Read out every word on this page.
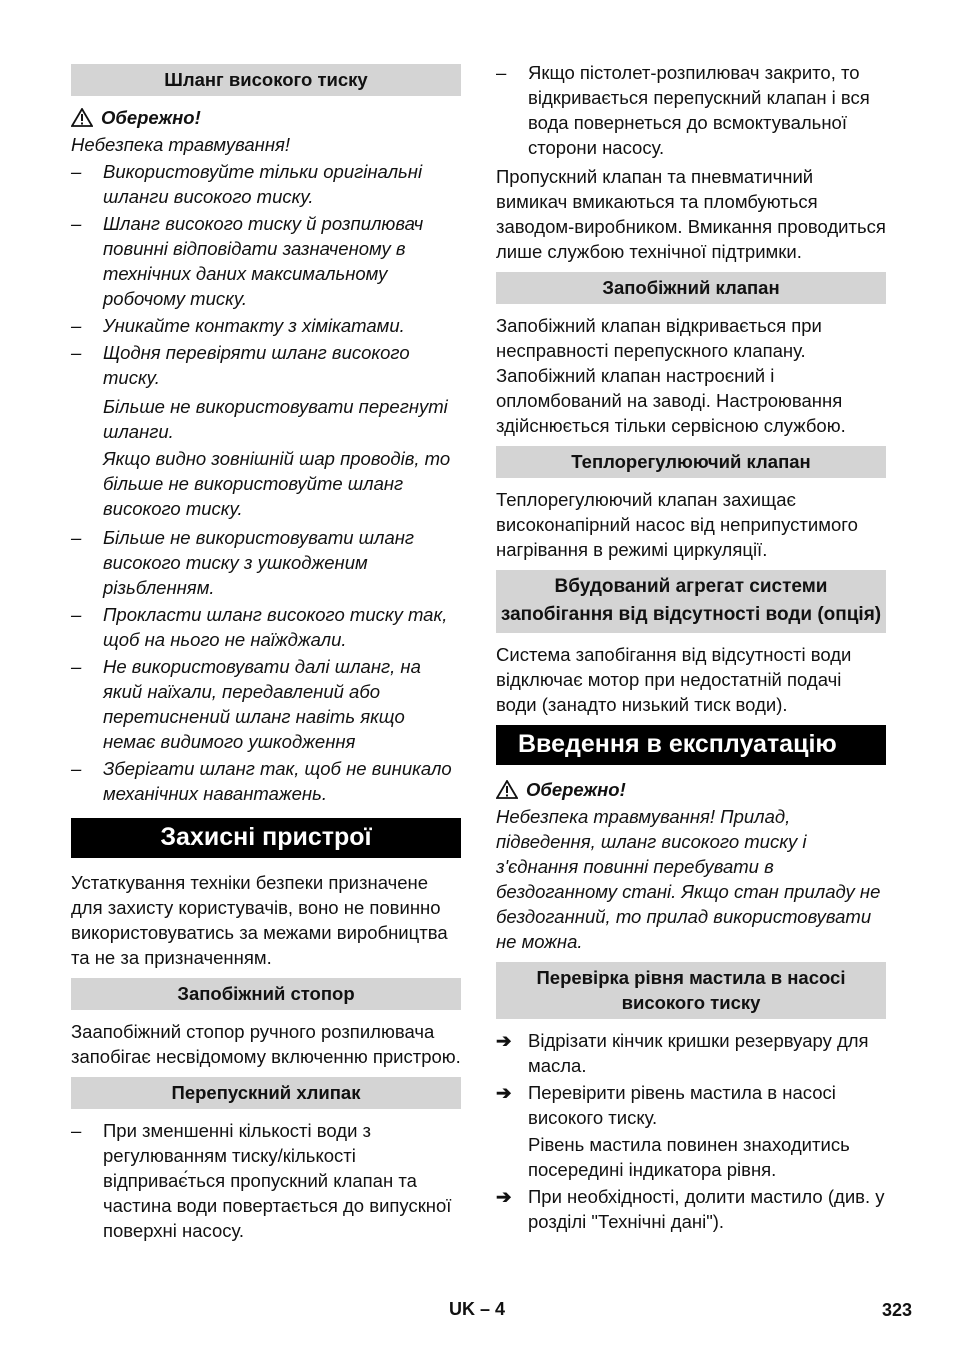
Шланг високого тиску
Обережно!

Небезпека травмування!

– Використовуйте тільки оригінальні шланги високого тиску.
– Шланг високого тиску й розпилювач повинні відповідати зазначеному в технічних даних максимальному робочому тиску.
– Уникайте контакту з хімікатами.
– Щодня перевіряти шланг високого тиску.
Більше не використовувати перегнуті шланги.
Якщо видно зовнішній шар проводів, то більше не використовуйте шланг високого тиску.
– Більше не використовувати шланг високого тиску з ушкодженим різьбленням.
– Прокласти шланг високого тиску так, щоб на нього не наїжджали.
– Не використовувати далі шланг, на який наїхали, передавлений або перетиснений шланг навіть якщо немає видимого ушкодження
– Зберігати шланг так, щоб не виникало механічних навантажень.
Захисні пристрої

Устаткування техніки безпеки призначене для захисту користувачів, воно не повинно використовуватись за межами виробництва та не за призначенням.

Запобіжний стопор

Заапобіжний стопор ручного розпилювача запобігає несвідомому включенню пристрою.

Перепускний хлипак
– При зменшенні кількості води з регулюванням тиску/кількості відприває́ться пропускний клапан та частина води повертається до випускної поверхні насосу.
– Якщо пістолет-розпилювач закрито, то відкривається перепускний клапан і вся вода повернеться до всмоктувальної сторони насосу.

Пропускний клапан та пневматичний вимикач вмикаються та пломбуються заводом-виробником. Вмикання проводиться лише службою технічної підтримки.

Запобіжний клапан

Запобіжний клапан відкривається при несправності перепускного клапану. Запобіжний клапан настроєний і опломбований на заводі. Настроювання здійснюється тільки сервісною службою.

Теплорегулюючий клапан

Теплорегулюючий клапан захищає високонапірний насос від неприпустимого нагрівання в режимі циркуляції.

Вбудований агрегат системи запобігання від відсутності води (опція)

Система запобігання від відсутності води відключає мотор при недостатній подачі води (занадто низький тиск води).

Введення в експлуатацію
Обережно!

Небезпека травмування! Прилад, підведення, шланг високого тиску і з'єднання повинні перебувати в бездоганному стані. Якщо стан приладу не бездоганний, то прилад використовувати не можна.

Перевірка рівня мастила в насосі високого тиску
➔ Відрізати кінчик кришки резервуару для масла.
➔ Перевірити рівень мастила в насосі високого тиску.
Рівень мастила повинен знаходитись посередині індикатора рівня.
➔ При необхідності, долити мастило (див. у розділі "Технічні дані").
UK – 4	323
